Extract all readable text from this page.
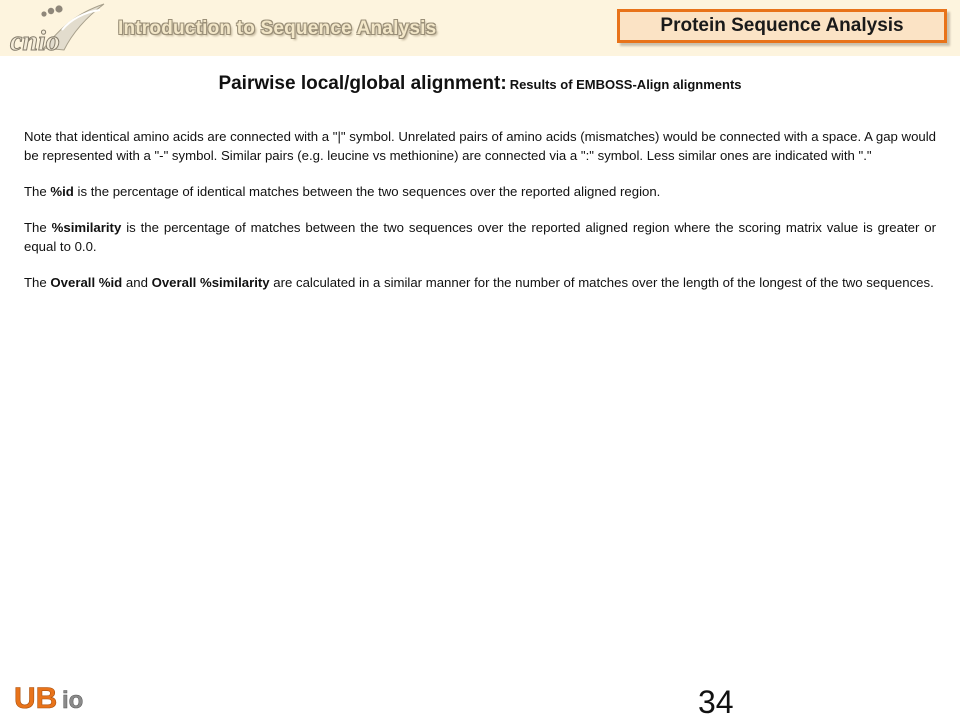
cnio	Introduction to Sequence Analysis	Protein Sequence Analysis
Pairwise local/global alignment: Results of EMBOSS-Align alignments

Note that identical amino acids are connected with a "|" symbol. Unrelated pairs of amino acids (mismatches) would be connected with a space. A gap would be represented with a "-" symbol. Similar pairs (e.g. leucine vs methionine) are connected via a ":" symbol. Less similar ones are indicated with "."

The %id is the percentage of identical matches between the two sequences over the reported aligned region.

The %similarity is the percentage of matches between the two sequences over the reported aligned region where the scoring matrix value is greater or equal to 0.0.

The Overall %id and Overall %similarity are calculated in a similar manner for the number of matches over the length of the longest of the two sequences.

UB io	34
